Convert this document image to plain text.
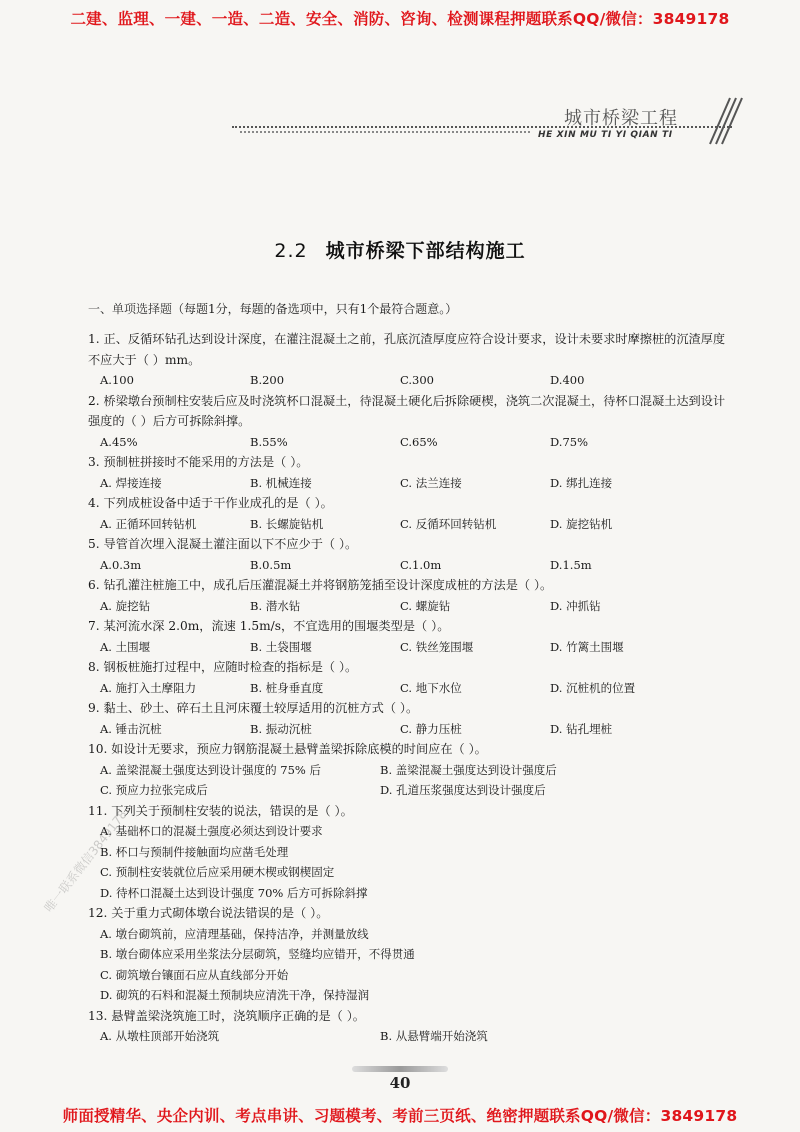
二建、监理、一建、一造、二造、安全、消防、咨询、检测课程押题联系QQ/微信：3849178
城市桥梁工程
HE XIN MU TI YI QIAN TI
2.2 城市桥梁下部结构施工
一、单项选择题（每题1分，每题的备选项中，只有1个最符合题意。）
1. 正、反循环钻孔达到设计深度，在灌注混凝土之前，孔底沉渣厚度应符合设计要求，设计未要求时摩擦桩的沉渣厚度不应大于（ ）mm。
A.100	B.200	C.300	D.400
2. 桥梁墩台预制柱安装后应及时浇筑杯口混凝土，待混凝土硬化后拆除硬楔，浇筑二次混凝土，待杯口混凝土达到设计强度的（ ）后方可拆除斜撑。
A.45%	B.55%	C.65%	D.75%
3. 预制桩拼接时不能采用的方法是（ ）。
A. 焊接连接	B. 机械连接	C. 法兰连接	D. 绑扎连接
4. 下列成桩设备中适于干作业成孔的是（ ）。
A. 正循环回转钻机	B. 长螺旋钻机	C. 反循环回转钻机	D. 旋挖钻机
5. 导管首次埋入混凝土灌注面以下不应少于（ ）。
A.0.3m	B.0.5m	C.1.0m	D.1.5m
6. 钻孔灌注桩施工中，成孔后压灌混凝土并将钢筋笼插至设计深度成桩的方法是（ ）。
A. 旋挖钻	B. 潜水钻	C. 螺旋钻	D. 冲抓钻
7. 某河流水深 2.0m，流速 1.5m/s，不宜选用的围堰类型是（ ）。
A. 土围堰	B. 土袋围堰	C. 铁丝笼围堰	D. 竹篱土围堰
8. 钢板桩施打过程中，应随时检查的指标是（ ）。
A. 施打入土摩阻力	B. 桩身垂直度	C. 地下水位	D. 沉桩机的位置
9. 黏土、砂土、碎石土且河床覆土较厚适用的沉桩方式（ ）。
A. 锤击沉桩	B. 振动沉桩	C. 静力压桩	D. 钻孔埋桩
10. 如设计无要求，预应力钢筋混凝土悬臂盖梁拆除底模的时间应在（ ）。
A. 盖梁混凝土强度达到设计强度的 75% 后	B. 盖梁混凝土强度达到设计强度后
C. 预应力拉张完成后	D. 孔道压浆强度达到设计强度后
11. 下列关于预制柱安装的说法，错误的是（ ）。
A. 基础杯口的混凝土强度必须达到设计要求
B. 杯口与预制件接触面均应凿毛处理
C. 预制柱安装就位后应采用硬木楔或钢楔固定
D. 待杯口混凝土达到设计强度 70% 后方可拆除斜撑
12. 关于重力式砌体墩台说法错误的是（ ）。
A. 墩台砌筑前，应清理基础，保持洁净，并测量放线
B. 墩台砌体应采用坐浆法分层砌筑，竖缝均应错开，不得贯通
C. 砌筑墩台镶面石应从直线部分开始
D. 砌筑的石料和混凝土预制块应清洗干净，保持湿润
13. 悬臂盖梁浇筑施工时，浇筑顺序正确的是（ ）。
A. 从墩柱顶部开始浇筑	B. 从悬臂端开始浇筑
唯一联系微信3849178
40
师面授精华、央企内训、考点串讲、习题模考、考前三页纸、绝密押题联系QQ/微信：3849178
